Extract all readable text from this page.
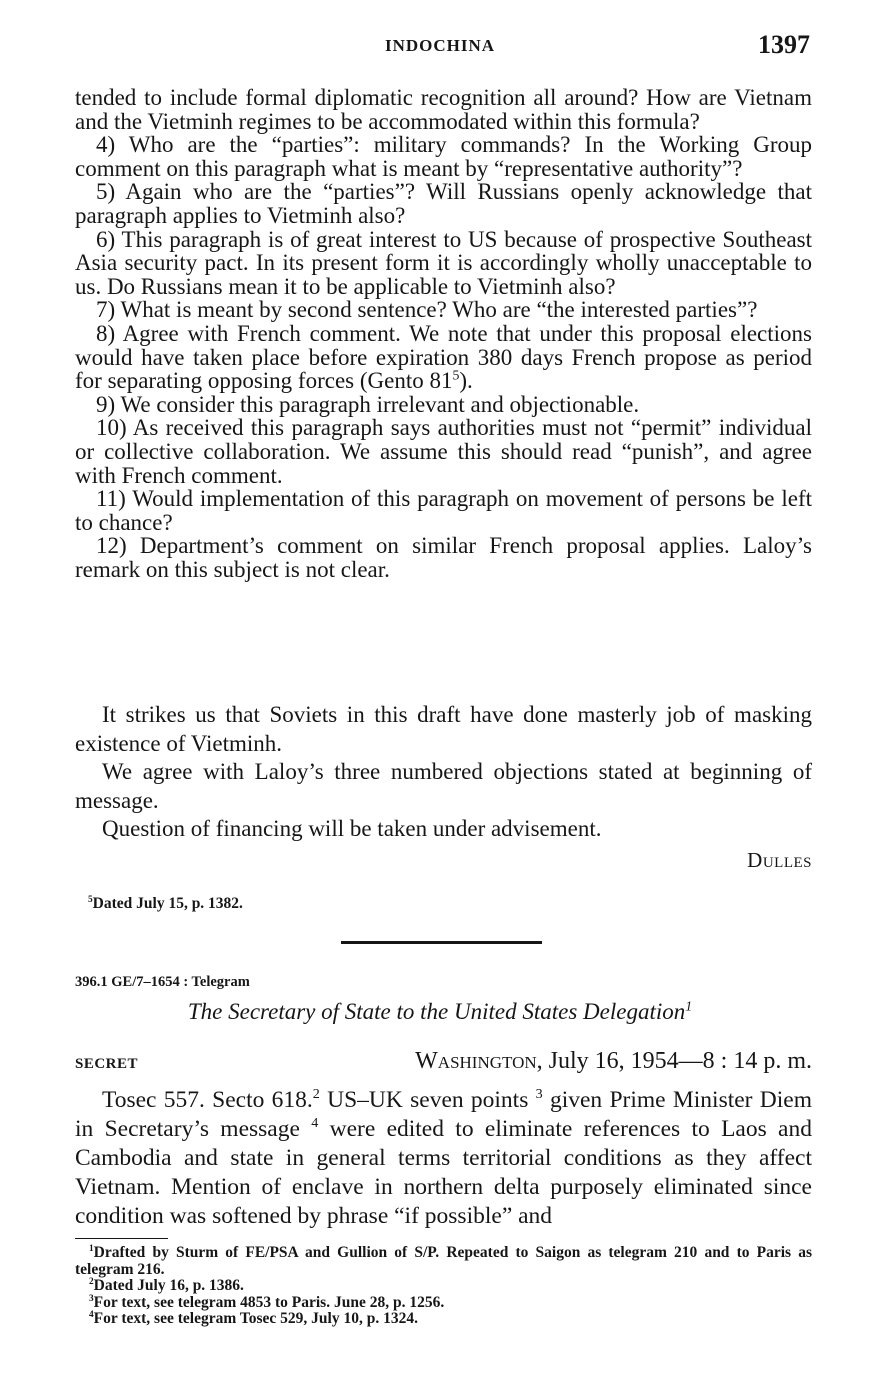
INDOCHINA	1397

tended to include formal diplomatic recognition all around? How are Vietnam and the Vietminh regimes to be accommodated within this formula?

4) Who are the “parties”: military commands? In the Working Group comment on this paragraph what is meant by “representative authority”?

5) Again who are the “parties”? Will Russians openly acknowledge that paragraph applies to Vietminh also?

6) This paragraph is of great interest to US because of prospective Southeast Asia security pact. In its present form it is accordingly wholly unacceptable to us. Do Russians mean it to be applicable to Vietminh also?

7) What is meant by second sentence? Who are “the interested parties”?

8) Agree with French comment. We note that under this proposal elections would have taken place before expiration 380 days French propose as period for separating opposing forces (Gento $81^5$).

9) We consider this paragraph irrelevant and objectionable.

10) As received this paragraph says authorities must not “permit” individual or collective collaboration. We assume this should read “punish”, and agree with French comment.

11) Would implementation of this paragraph on movement of persons be left to chance?

12) Department’s comment on similar French proposal applies. Laloy’s remark on this subject is not clear.

It strikes us that Soviets in this draft have done masterly job of masking existence of Vietminh.

We agree with Laloy’s three numbered objections stated at beginning of message.

Question of financing will be taken under advisement.

Dulles
$^5$Dated July 15, p. 1382.
396.1 GE/7–1654 : Telegram
The Secretary of State to the United States Delegation$^1$
SECRET	Washington, July 16, 1954—8 : 14 p. m.

Tosec 557. Secto 618.$^2$ US–UK seven points $^3$ given Prime Minister Diem in Secretary’s message $^4$ were edited to eliminate references to Laos and Cambodia and state in general terms territorial conditions as they affect Vietnam. Mention of enclave in northern delta purposely eliminated since condition was softened by phrase “if possible” and

$^1$Drafted by Sturm of FE/PSA and Gullion of S/P. Repeated to Saigon as telegram 210 and to Paris as telegram 216.

$^2$Dated July 16, p. 1386.

$^3$For text, see telegram 4853 to Paris. June 28, p. 1256.

$^4$For text, see telegram Tosec 529, July 10, p. 1324.
